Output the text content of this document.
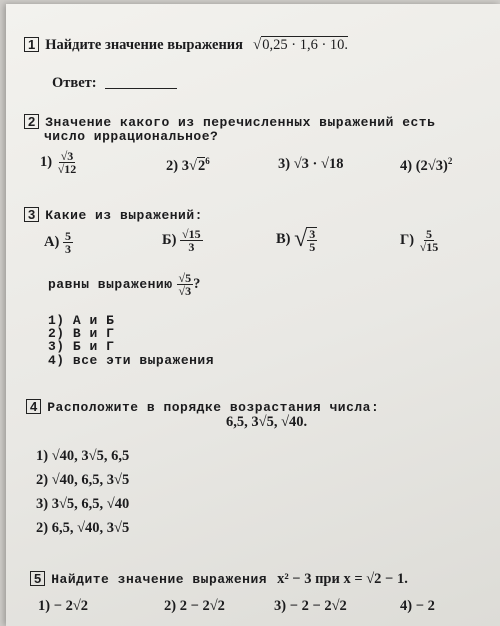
1 Найдите значение выражения √0,25 · 1,6 · 10.
Ответ:
2 Значение какого из перечисленных выражений есть
число иррациональное?
$1) \frac{√3}{√12}$	2) $3√2^6$	3) √3 · √18	4) $(2√3)^2$
3 Какие из выражений:
$А) \frac{5}{3}$	$Б) \frac{√15}{3}$	В) √ $\frac{3}{5}$	$Г) \frac{5}{√15}$
равны выражению $\frac{√5}{√3}$ ?
1) А и Б
2) В и Г
3) Б и Г
4) все эти выражения
4 Расположите в порядке возрастания числа:
6,5, 3√5, √40.
1) √40, 3√5, 6,5
2) √40, 6,5, 3√5
3) 3√5, 6,5, √40
2) 6,5, √40, 3√5
5 Найдите значение выражения x² − 3 при x = √2 − 1.
1) − 2√2	2) 2 − 2√2	3) − 2 − 2√2	4) − 2
